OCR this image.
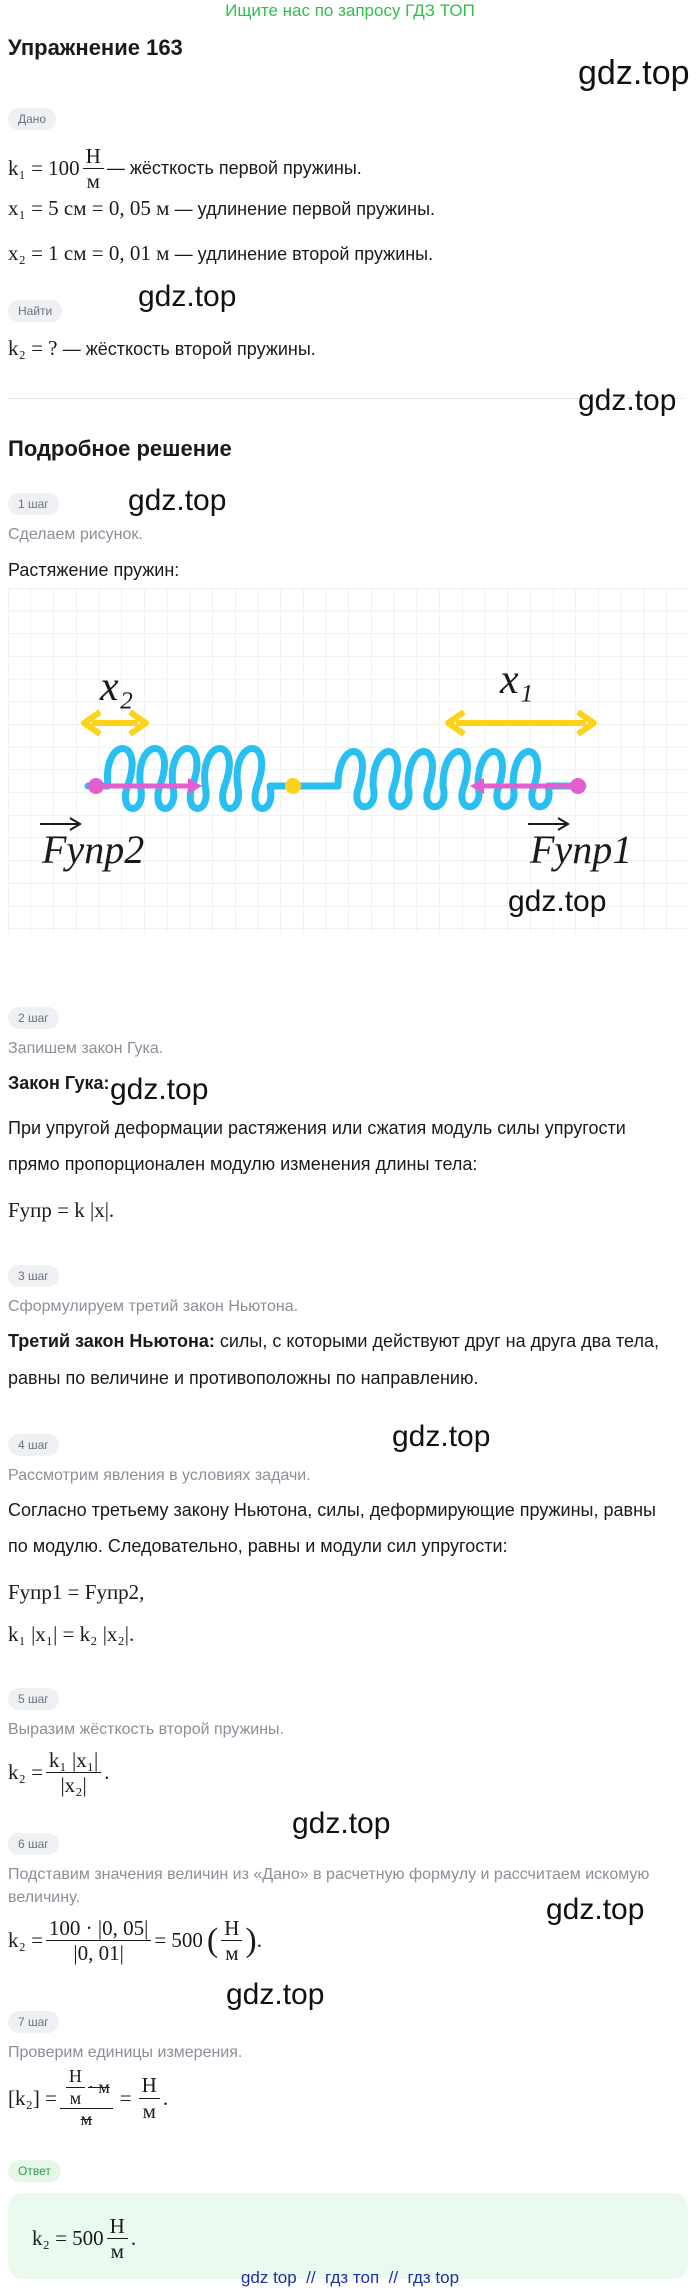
Ищите нас по запросу ГДЗ ТОП
Упражнение 163
gdz.top
Дано
$k_1 = 100 \frac{Н}{м}$ — жёсткость первой пружины.
x₁ = 5 см = 0, 05 м — удлинение первой пружины.
x₂ = 1 см = 0, 01 м — удлинение второй пружины.
Найти	gdz.top
k₂ = ? — жёсткость второй пружины.
gdz.top
Подробное решение
1 шаг	gdz.top
Сделаем рисунок.
Растяжение пружин:
x₂	x₁
Fупр2	Fупр1
gdz.top
2 шаг
Запишем закон Гука.
Закон Гука: gdz.top
При упругой деформации растяжения или сжатия модуль силы упругости
прямо пропорционален модулю изменения длины тела:
Fупр = k |x|.
3 шаг
Сформулируем третий закон Ньютона.
Третий закон Ньютона: силы, с которыми действуют друг на друга два тела,
равны по величине и противоположны по направлению.
4 шаг	gdz.top
Рассмотрим явления в условиях задачи.
Согласно третьему закону Ньютона, силы, деформирующие пружины, равны
по модулю. Следовательно, равны и модули сил упругости:
Fупр1 = Fупр2,
k₁ |x₁| = k₂ |x₂|.
5 шаг
Выразим жёсткость второй пружины.
$k_2 = \frac{\text{k₁ |x₁|}}{\text{|x₂|}}$ .
gdz.top
6 шаг
Подставим значения величин из «Дано» в расчетную формулу и рассчитаем искомую
величину.	gdz.top
$k_2 = \frac{100 \cdot |0, 05|}{|0, 01|} = 500$ ( $\frac{Н}{м}$ ) .
gdz.top
7 шаг
Проверим единицы измерения.
$[k_2] = \frac{\frac{Н}{м} \cdot м}{м} = \frac{Н}{м}$ .
Ответ
$k_2 = 500 \frac{Н}{м}$ .
gdz top  //  гдз топ  //  гдз top
